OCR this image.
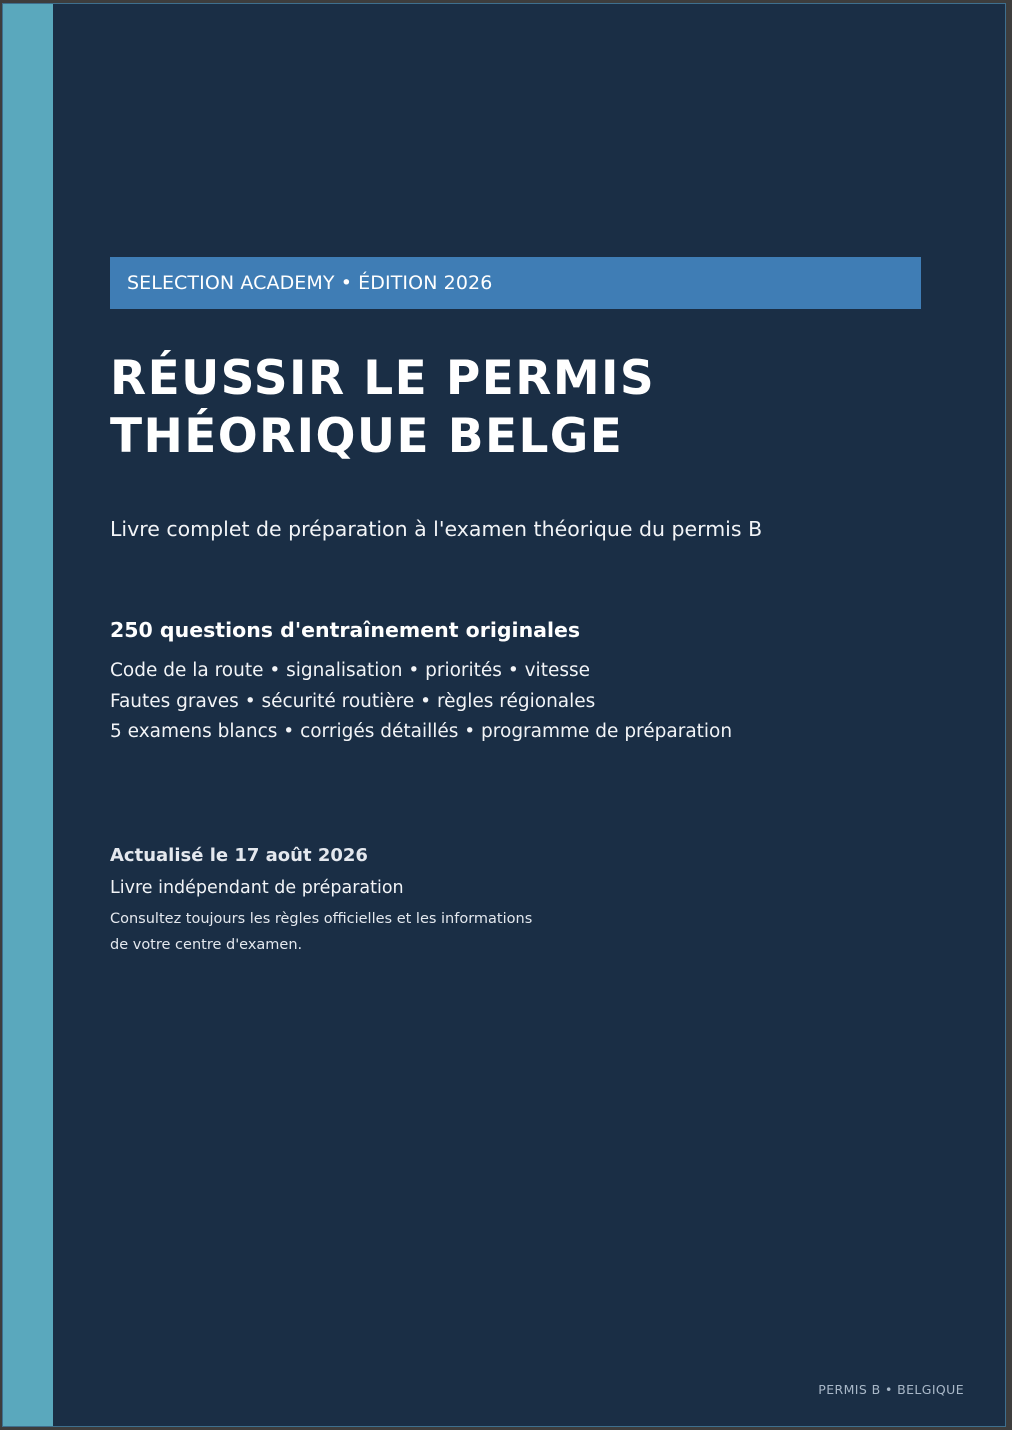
SELECTION ACADEMY • ÉDITION 2026
RÉUSSIR LE PERMIS
THÉORIQUE BELGE
Livre complet de préparation à l'examen théorique du permis B
250 questions d'entraînement originales
Code de la route • signalisation • priorités • vitesse
Fautes graves • sécurité routière • règles régionales
5 examens blancs • corrigés détaillés • programme de préparation
Actualisé le 17 août 2026
Livre indépendant de préparation
Consultez toujours les règles officielles et les informations
de votre centre d'examen.
PERMIS B • BELGIQUE
